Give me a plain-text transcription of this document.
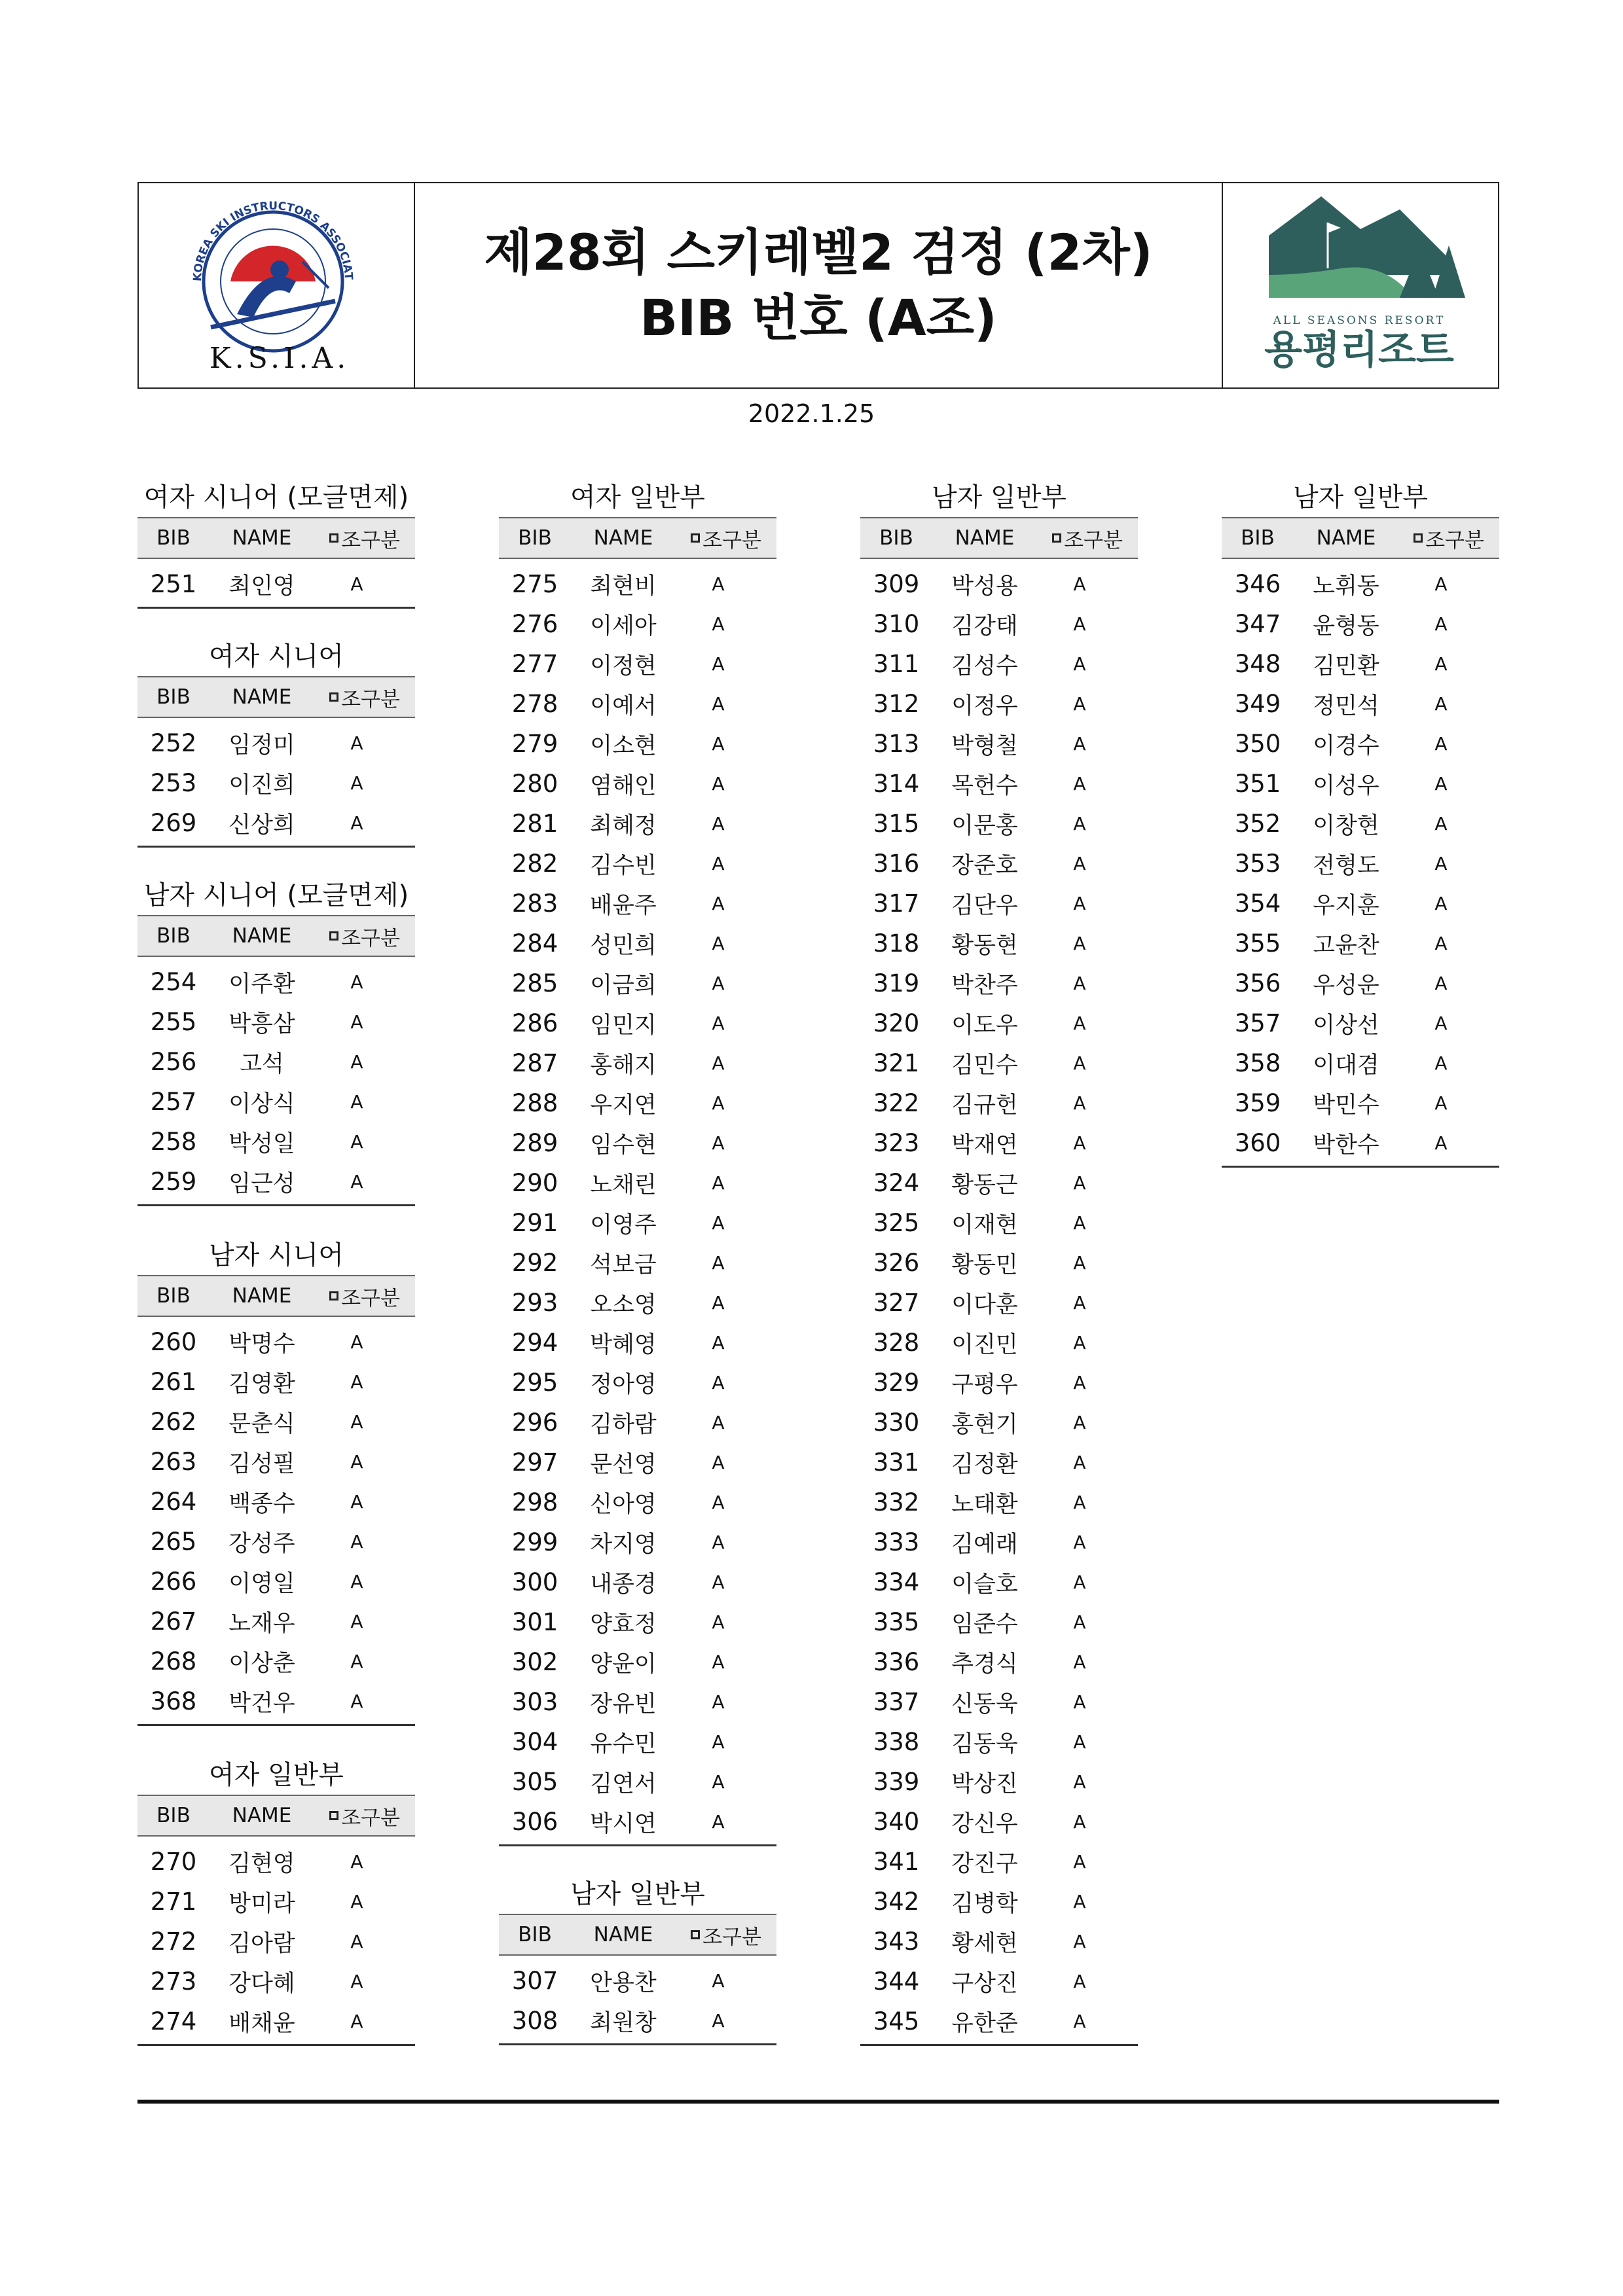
KOREA SKI INSTRUCTORS ASSOCIAT
K.S.I.A.
제28회 스키레벨2 검정 (2차)
BIB 번호 (A조)	ALL SEASONS RESORT
용평리조트
2022.1.25
여자 시니어 (모글면제)
BIB	NAME	조구분
251	최인영	A
여자 시니어
BIB	NAME	조구분
252	임정미	A
253	이진희	A
269	신상희	A
남자 시니어 (모글면제)
BIB	NAME	조구분
254	이주환	A
255	박흥삼	A
256	고석	A
257	이상식	A
258	박성일	A
259	임근성	A
남자 시니어
BIB	NAME	조구분
260	박명수	A
261	김영환	A
262	문춘식	A
263	김성필	A
264	백종수	A
265	강성주	A
266	이영일	A
267	노재우	A
268	이상춘	A
368	박건우	A
여자 일반부
BIB	NAME	조구분
270	김현영	A
271	방미라	A
272	김아람	A
273	강다혜	A
274	배채윤	A
여자 일반부
BIB	NAME	조구분
275	최현비	A
276	이세아	A
277	이정현	A
278	이예서	A
279	이소현	A
280	염해인	A
281	최혜정	A
282	김수빈	A
283	배윤주	A
284	성민희	A
285	이금희	A
286	임민지	A
287	홍해지	A
288	우지연	A
289	임수현	A
290	노채린	A
291	이영주	A
292	석보금	A
293	오소영	A
294	박혜영	A
295	정아영	A
296	김하람	A
297	문선영	A
298	신아영	A
299	차지영	A
300	내종경	A
301	양효정	A
302	양윤이	A
303	장유빈	A
304	유수민	A
305	김연서	A
306	박시연	A
남자 일반부
BIB	NAME	조구분
307	안용찬	A
308	최원창	A
남자 일반부
BIB	NAME	조구분
309	박성용	A
310	김강태	A
311	김성수	A
312	이정우	A
313	박형철	A
314	목헌수	A
315	이문홍	A
316	장준호	A
317	김단우	A
318	황동현	A
319	박찬주	A
320	이도우	A
321	김민수	A
322	김규헌	A
323	박재연	A
324	황동근	A
325	이재현	A
326	황동민	A
327	이다훈	A
328	이진민	A
329	구평우	A
330	홍현기	A
331	김정환	A
332	노태환	A
333	김예래	A
334	이슬호	A
335	임준수	A
336	추경식	A
337	신동욱	A
338	김동욱	A
339	박상진	A
340	강신우	A
341	강진구	A
342	김병학	A
343	황세현	A
344	구상진	A
345	유한준	A
남자 일반부
BIB	NAME	조구분
346	노휘동	A
347	윤형동	A
348	김민환	A
349	정민석	A
350	이경수	A
351	이성우	A
352	이창현	A
353	전형도	A
354	우지훈	A
355	고윤찬	A
356	우성운	A
357	이상선	A
358	이대겸	A
359	박민수	A
360	박한수	A
